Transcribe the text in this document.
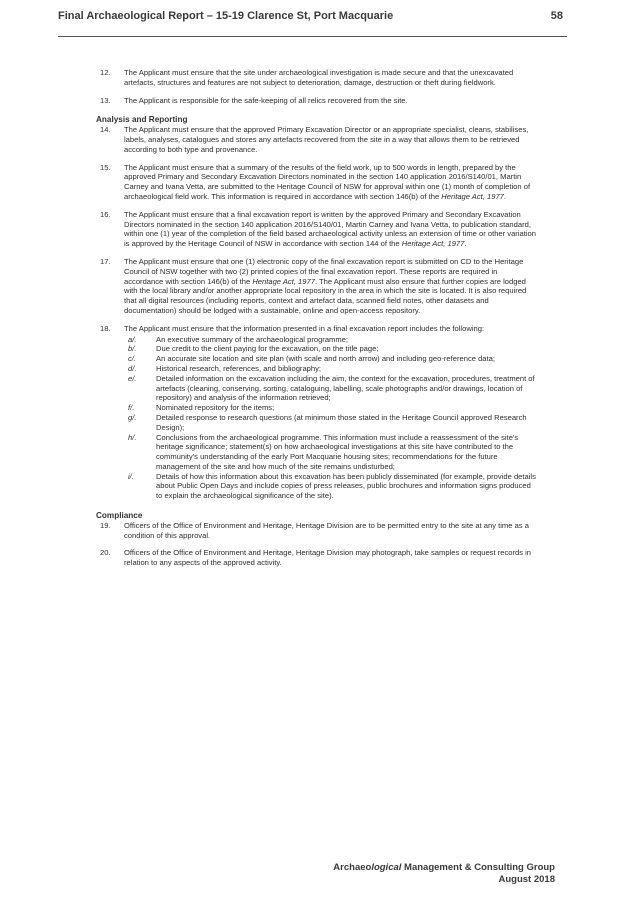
Final Archaeological Report – 15-19 Clarence St, Port Macquarie	58
12. The Applicant must ensure that the site under archaeological investigation is made secure and that the unexcavated artefacts, structures and features are not subject to deterioration, damage, destruction or theft during fieldwork.
13. The Applicant is responsible for the safe-keeping of all relics recovered from the site.
Analysis and Reporting
14. The Applicant must ensure that the approved Primary Excavation Director or an appropriate specialist, cleans, stabilises, labels, analyses, catalogues and stores any artefacts recovered from the site in a way that allows them to be retrieved according to both type and provenance.
15. The Applicant must ensure that a summary of the results of the field work, up to 500 words in length, prepared by the approved Primary and Secondary Excavation Directors nominated in the section 140 application 2016/S140/01, Martin Carney and Ivana Vetta, are submitted to the Heritage Council of NSW for approval within one (1) month of completion of archaeological field work. This information is required in accordance with section 146(b) of the Heritage Act, 1977.
16. The Applicant must ensure that a final excavation report is written by the approved Primary and Secondary Excavation Directors nominated in the section 140 application 2016/S140/01, Martin Carney and Ivana Vetta, to publication standard, within one (1) year of the completion of the field based archaeological activity unless an extension of time or other variation is approved by the Heritage Council of NSW in accordance with section 144 of the Heritage Act, 1977.
17. The Applicant must ensure that one (1) electronic copy of the final excavation report is submitted on CD to the Heritage Council of NSW together with two (2) printed copies of the final excavation report. These reports are required in accordance with section 146(b) of the Heritage Act, 1977. The Applicant must also ensure that further copies are lodged with the local library and/or another appropriate local repository in the area in which the site is located. It is also required that all digital resources (including reports, context and artefact data, scanned field notes, other datasets and documentation) should be lodged with a sustainable, online and open-access repository.
18. The Applicant must ensure that the information presented in a final excavation report includes the following:
a/.	An executive summary of the archaeological programme;
b/.	Due credit to the client paying for the excavation, on the title page;
c/.	An accurate site location and site plan (with scale and north arrow) and including geo-reference data;
d/.	Historical research, references, and bibliography;
e/.	Detailed information on the excavation including the aim, the context for the excavation, procedures, treatment of artefacts (cleaning, conserving, sorting, cataloguing, labelling, scale photographs and/or drawings, location of repository) and analysis of the information retrieved;
f/.	Nominated repository for the items;
g/.	Detailed response to research questions (at minimum those stated in the Heritage Council approved Research Design);
h/.	Conclusions from the archaeological programme. This information must include a reassessment of the site's heritage significance; statement(s) on how archaeological investigations at this site have contributed to the community's understanding of the early Port Macquarie housing sites; recommendations for the future management of the site and how much of the site remains undisturbed;
i/.	Details of how this information about this excavation has been publicly disseminated (for example, provide details about Public Open Days and include copies of press releases, public brochures and information signs produced to explain the archaeological significance of the site).
Compliance
19. Officers of the Office of Environment and Heritage, Heritage Division are to be permitted entry to the site at any time as a condition of this approval.
20. Officers of the Office of Environment and Heritage, Heritage Division may photograph, take samples or request records in relation to any aspects of the approved activity.
Archaeological Management & Consulting Group
August 2018
